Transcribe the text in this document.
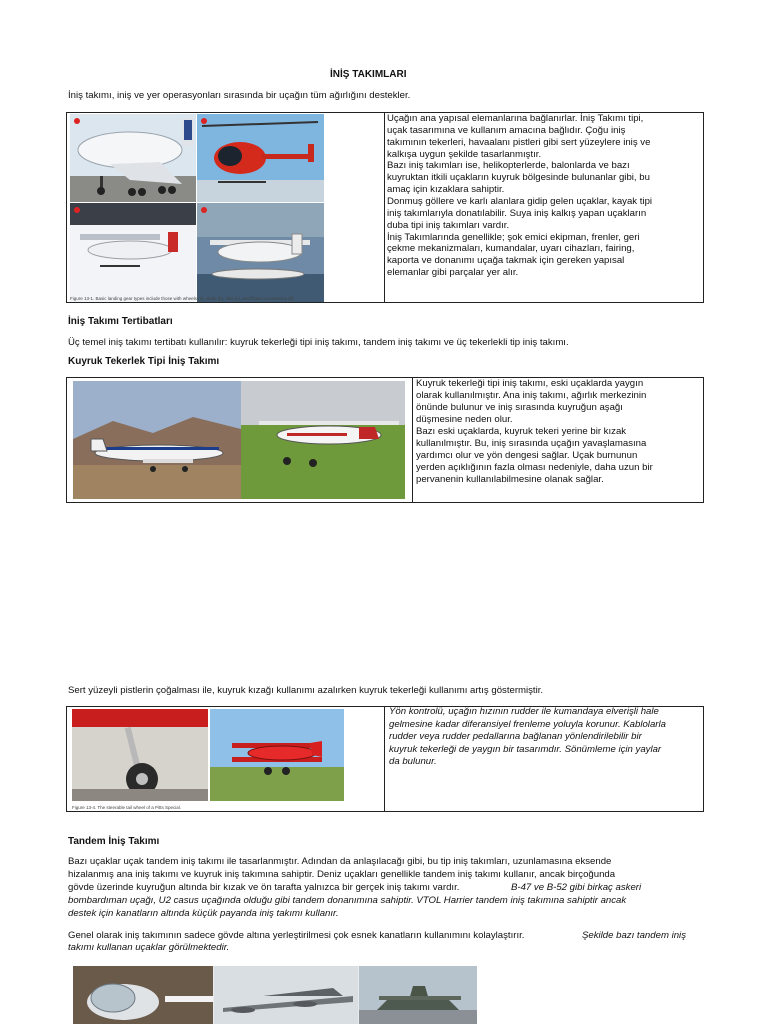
İNİŞ TAKIMLARI
İniş takımı, iniş ve yer operasyonları sırasında bir uçağın tüm ağırlığını destekler.
Figure 13-1. Basic landing gear types include those with wheels (a), skids (b), skis (c), and floats or pontoons (d).
Uçağın ana yapısal elemanlarına bağlanırlar. İniş Takımı tipi,
uçak tasarımına ve kullanım amacına bağlıdır. Çoğu iniş
takımının tekerleri, havaalanı pistleri gibi sert yüzeylere iniş ve
kalkışa uygun şekilde tasarlanmıştır.
Bazı iniş takımları ise, helikopterlerde, balonlarda ve bazı
kuyruktan itkili uçakların kuyruk bölgesinde bulunanlar gibi, bu
amaç için kızaklara sahiptir.
Donmuş göllere ve karlı alanlara gidip gelen uçaklar, kayak tipi
iniş takımlarıyla donatılabilir. Suya iniş kalkış yapan uçakların
duba tipi iniş takımları vardır.
İniş Takımlarında genellikle; şok emici ekipman, frenler, geri
çekme mekanizmaları, kumandalar, uyarı cihazları, fairing,
kaporta ve donanımı uçağa takmak için gereken yapısal
elemanlar gibi parçalar yer alır.
İniş Takımı Tertibatları
Üç temel iniş takımı tertibatı kullanılır: kuyruk tekerleği tipi iniş takımı, tandem iniş takımı ve üç tekerlekli tip iniş takımı.
Kuyruk Tekerlek Tipi İniş Takımı
Kuyruk tekerleği tipi iniş takımı, eski uçaklarda yaygın
olarak kullanılmıştır. Ana iniş takımı, ağırlık merkezinin
önünde bulunur ve iniş sırasında kuyruğun aşağı
düşmesine neden olur.
Bazı eski uçaklarda, kuyruk tekeri yerine bir kızak
kullanılmıştır. Bu, iniş sırasında uçağın yavaşlamasına
yardımcı olur ve yön dengesi sağlar. Uçak burnunun
yerden açıklığının fazla olması nedeniyle, daha uzun bir
pervanenin kullanılabilmesine olanak sağlar.
Sert yüzeyli pistlerin çoğalması ile, kuyruk kızağı kullanımı azalırken kuyruk tekerleği kullanımı artış göstermiştir.
Figure 13-4. The steerable tail wheel of a Pitts Special.
Yön kontrolü, uçağın hızının rudder ile kumandaya elverişli hale
gelmesine kadar diferansiyel frenleme yoluyla korunur. Kablolarla
rudder veya rudder pedallarına bağlanan yönlendirilebilir bir
kuyruk tekerleği de yaygın bir tasarımdır. Sönümleme için yaylar
da bulunur.
Tandem İniş Takımı
Bazı uçaklar uçak tandem iniş takımı ile tasarlanmıştır. Adından da anlaşılacağı gibi, bu tip iniş takımları, uzunlamasına eksende
hizalanmış ana iniş takımı ve kuyruk iniş takımına sahiptir. Deniz uçakları genellikle tandem iniş takımı kullanır, ancak birçoğunda
gövde üzerinde kuyruğun altında bir kızak ve ön tarafta yalnızca bir gerçek iniş takımı vardır.
bombardıman uçağı, U2 casus uçağında olduğu gibi tandem donanımına sahiptir. VTOL Harrier tandem iniş takımına sahiptir ancak
destek için kanatların altında küçük payanda iniş takımı kullanır.
B-47 ve B-52 gibi birkaç askeri
Genel olarak iniş takımının sadece gövde altına yerleştirilmesi çok esnek kanatların kullanımını kolaylaştırır.	Şekilde bazı tandem iniş
takımı kullanan uçaklar görülmektedir.
